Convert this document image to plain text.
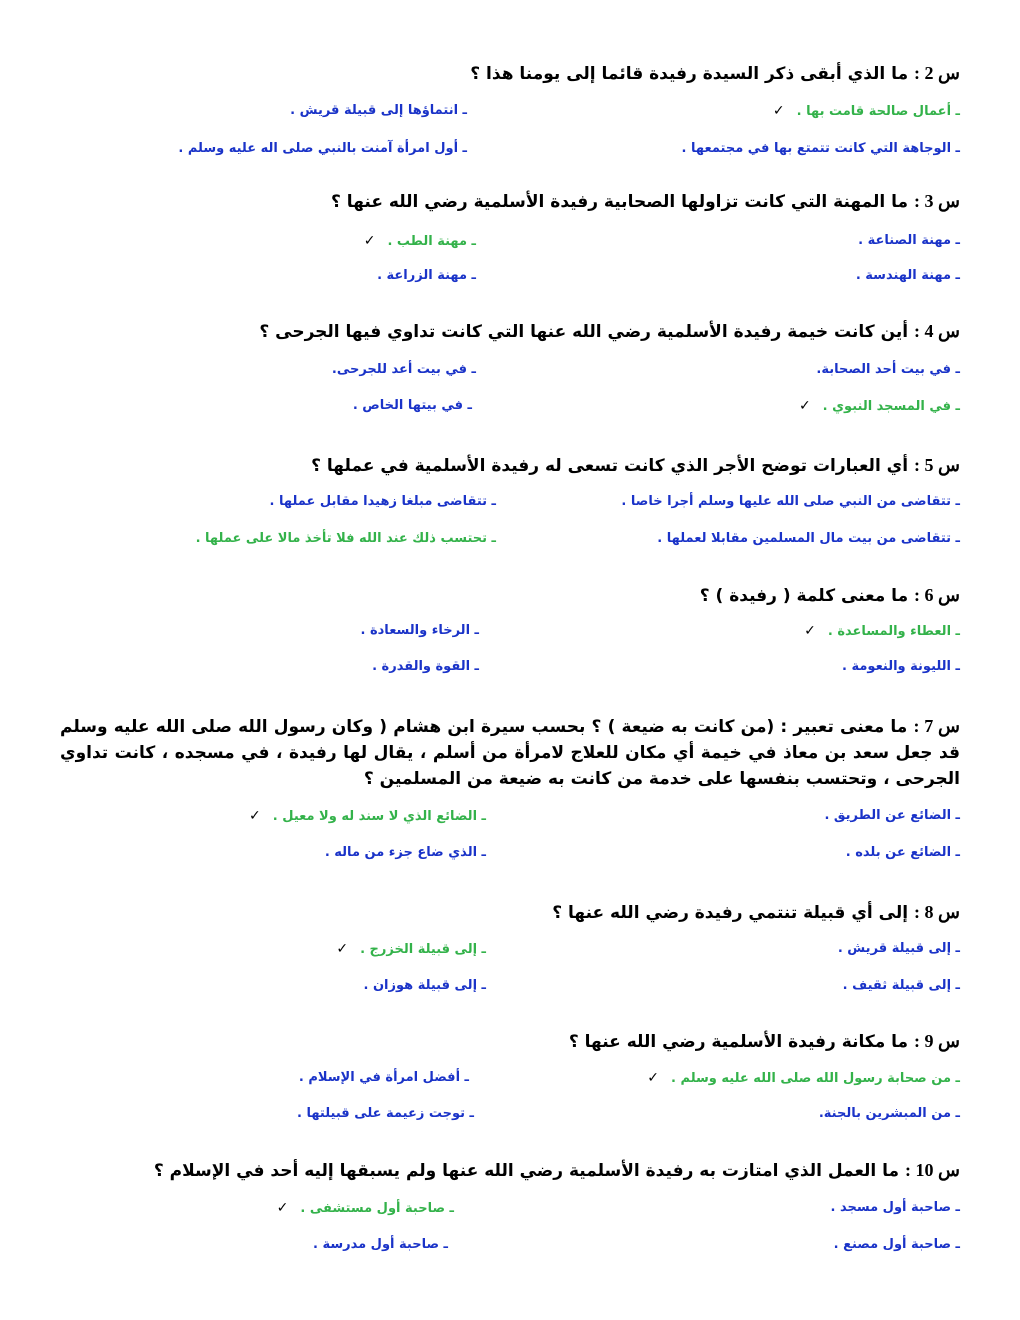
س 2 : ما الذي أبقى ذكر السيدة رفيدة قائما إلى يومنا هذا ؟
ـ أعمال صالحة قامت بها .✓
ـ انتماؤها إلى قبيلة قريش .
ـ الوجاهة التي كانت تتمتع بها في مجتمعها .
ـ أول امرأة آمنت بالنبي صلى اله عليه وسلم .
س 3 : ما المهنة التي كانت تزاولها الصحابية رفيدة الأسلمية رضي الله عنها ؟
ـ مهنة الصناعة .
ـ مهنة الطب .✓
ـ مهنة الهندسة .
ـ مهنة الزراعة .
س 4 : أين كانت خيمة رفيدة الأسلمية رضي الله عنها التي كانت تداوي فيها الجرحى ؟
ـ في بيت أحد الصحابة.
ـ في بيت أعد للجرحى.
ـ في المسجد النبوي .✓
ـ في بيتها الخاص .
س 5 : أي العبارات توضح الأجر الذي كانت تسعى له رفيدة الأسلمية في عملها ؟
ـ تتقاضى من النبي صلى الله عليها وسلم أجرا خاصا .
ـ تتقاضى مبلغا زهيدا مقابل عملها .
ـ تتقاضى من بيت مال المسلمين مقابلا لعملها .
ـ تحتسب ذلك عند الله فلا تأخذ مالا على عملها .
س 6 : ما معنى كلمة ( رفيدة ) ؟
ـ العطاء والمساعدة .✓
ـ الرخاء والسعادة .
ـ الليونة والنعومة .
ـ القوة والقدرة .
س 7 : ما معنى تعبير : (من كانت به ضيعة ) ؟ بحسب سيرة ابن هشام ( وكان رسول الله صلى الله عليه وسلم قد جعل سعد بن معاذ في خيمة أي مكان للعلاج لامرأة من أسلم ، يقال لها رفيدة ، في مسجده ، كانت تداوي الجرحى ، وتحتسب بنفسها على خدمة من كانت به ضيعة من المسلمين ؟
ـ الضائع عن الطريق .
ـ الضائع الذي لا سند له ولا معيل .✓
ـ الضائع عن بلده .
ـ الذي ضاع جزء من ماله .
س 8 : إلى أي قبيلة تنتمي رفيدة رضي الله عنها ؟
ـ إلى قبيلة قريش .
ـ إلى قبيلة الخزرج .✓
ـ إلى قبيلة ثقيف .
ـ إلى قبيلة هوزان .
س 9 : ما مكانة رفيدة الأسلمية رضي الله عنها ؟
ـ من صحابة رسول الله صلى الله عليه وسلم .✓
ـ أفضل امرأة في الإسلام .
ـ من المبشرين بالجنة.
ـ توجت زعيمة على قبيلتها .
س 10 : ما العمل الذي امتازت به رفيدة الأسلمية رضي الله عنها ولم يسبقها إليه أحد في الإسلام ؟
ـ صاحبة أول مسجد .
ـ صاحبة أول مستشفى .✓
ـ صاحبة أول مصنع .
ـ صاحبة أول مدرسة .
